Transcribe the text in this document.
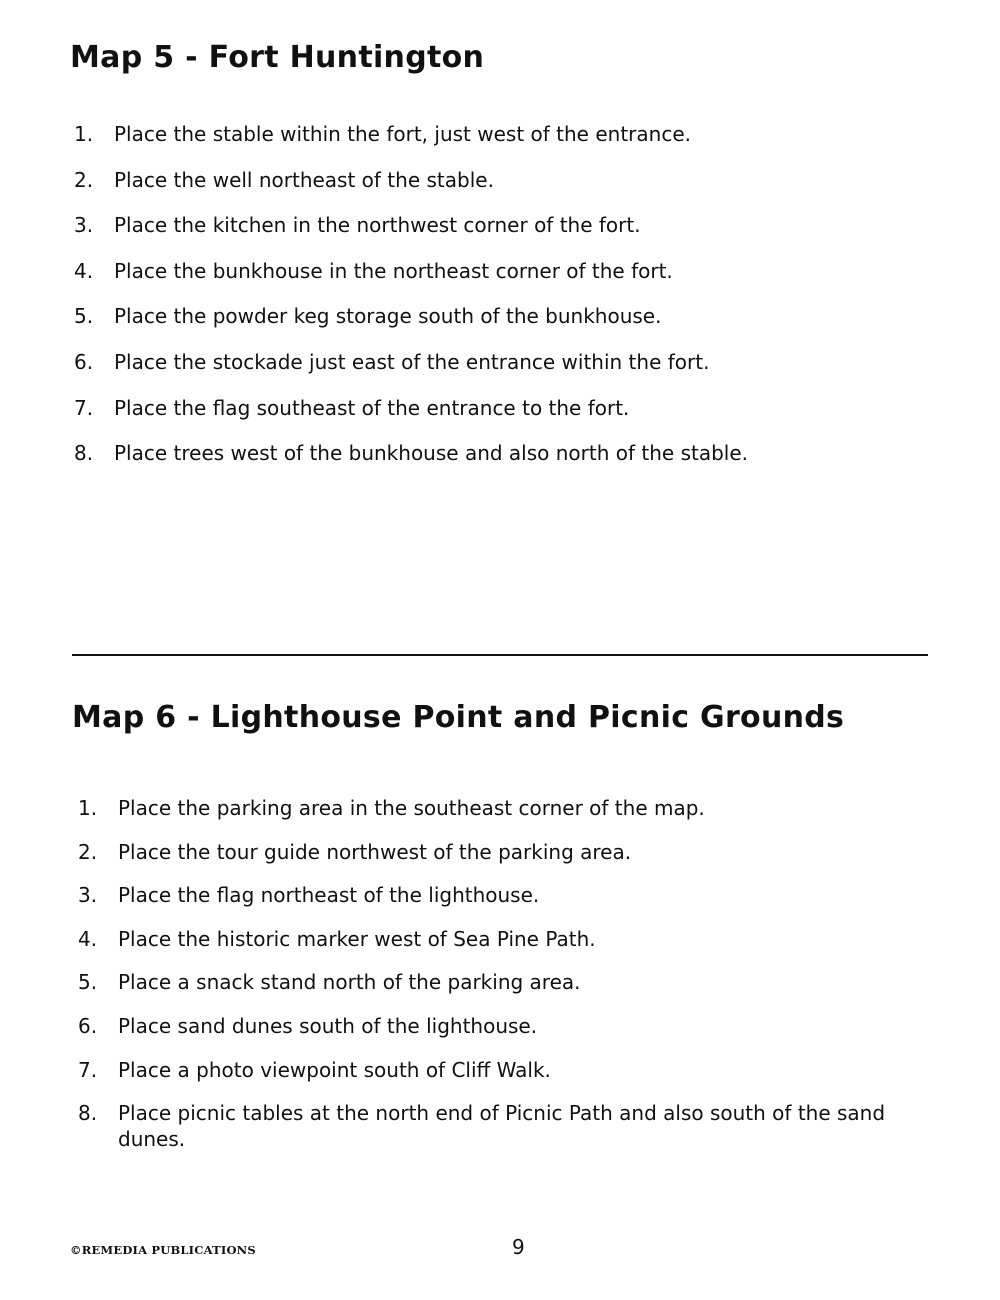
Map 5 - Fort Huntington
1.	Place the stable within the fort, just west of the entrance.
2.	Place the well northeast of the stable.
3.	Place the kitchen in the northwest corner of the fort.
4.	Place the bunkhouse in the northeast corner of the fort.
5.	Place the powder keg storage south of the bunkhouse.
6.	Place the stockade just east of the entrance within the fort.
7.	Place the flag southeast of the entrance to the fort.
8.	Place trees west of the bunkhouse and also north of the stable.
Map 6 - Lighthouse Point and Picnic Grounds
1.	Place the parking area in the southeast corner of the map.
2.	Place the tour guide northwest of the parking area.
3.	Place the flag northeast of the lighthouse.
4.	Place the historic marker west of Sea Pine Path.
5.	Place a snack stand north of the parking area.
6.	Place sand dunes south of the lighthouse.
7.	Place a photo viewpoint south of Cliff Walk.
8.	Place picnic tables at the north end of Picnic Path and also south of the sand dunes.
©REMEDIA PUBLICATIONS	9
